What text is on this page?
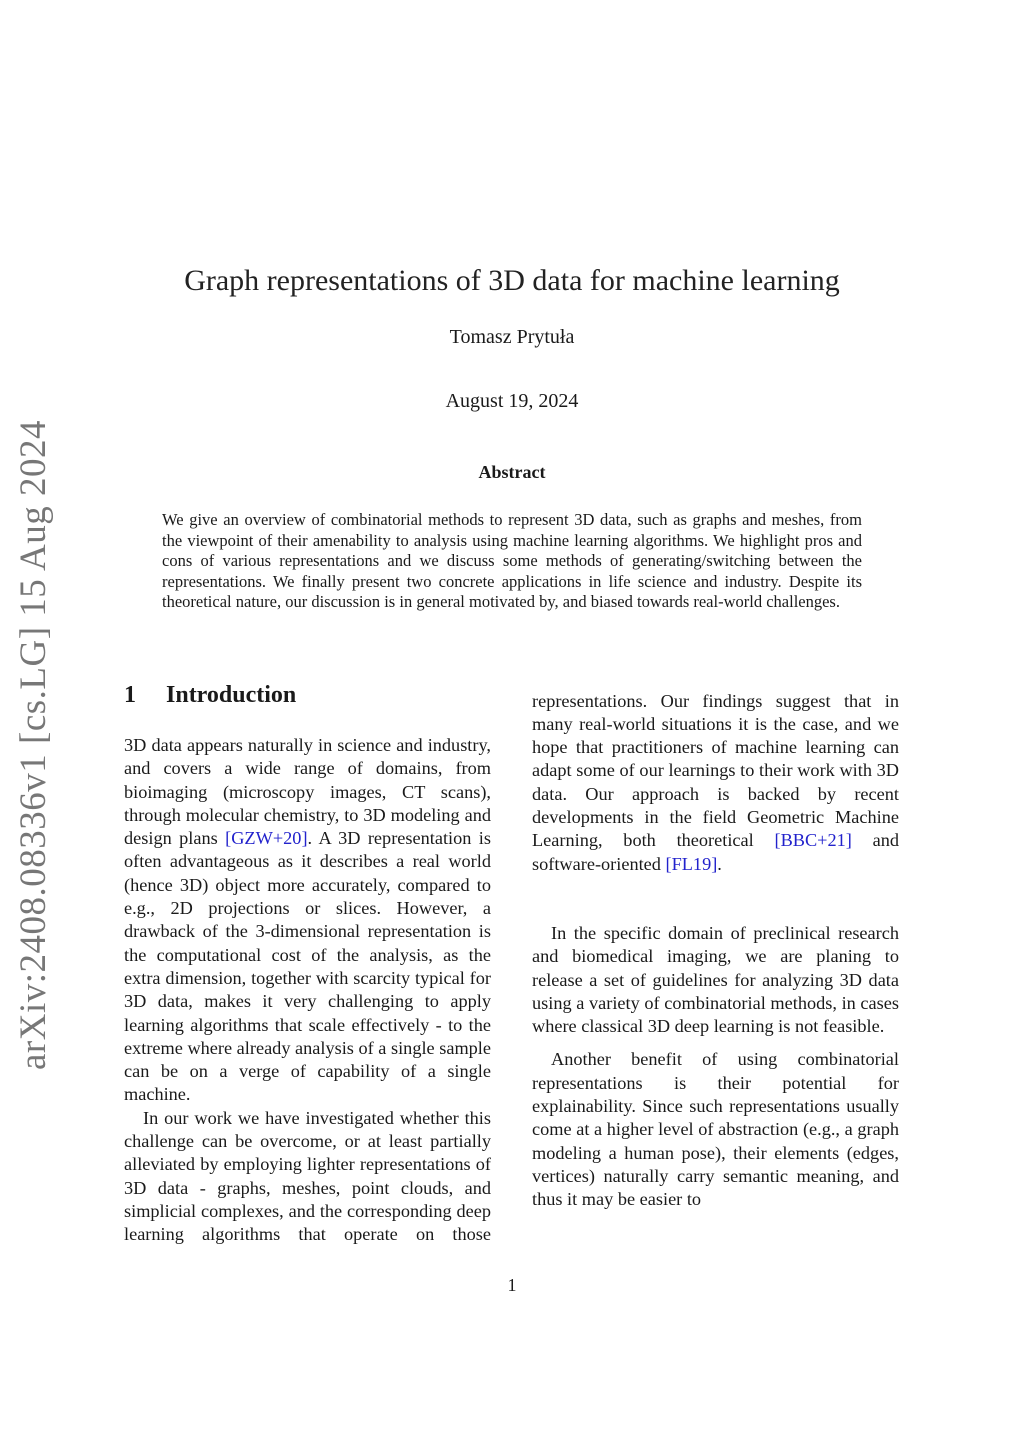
arXiv:2408.08336v1 [cs.LG] 15 Aug 2024
Graph representations of 3D data for machine learning
Tomasz Prytuła
August 19, 2024
Abstract

We give an overview of combinatorial methods to represent 3D data, such as graphs and meshes, from the viewpoint of their amenability to analysis using machine learning algorithms. We highlight pros and cons of various representations and we discuss some methods of generating/switching between the representations. We finally present two concrete applications in life science and industry. Despite its theoretical nature, our discussion is in general motivated by, and biased towards real-world challenges.

1 Introduction

3D data appears naturally in science and industry, and covers a wide range of domains, from bioimaging (microscopy images, CT scans), through molecular chemistry, to 3D modeling and design plans [GZW+20]. A 3D representation is often advantageous as it describes a real world (hence 3D) object more accurately, compared to e.g., 2D projections or slices. However, a drawback of the 3-dimensional representation is the computational cost of the analysis, as the extra dimension, together with scarcity typical for 3D data, makes it very challenging to apply learning algorithms that scale effectively - to the extreme where already analysis of a single sample can be on a verge of capability of a single machine.

In our work we have investigated whether this challenge can be overcome, or at least partially alleviated by employing lighter representations of 3D data - graphs, meshes, point clouds, and simplicial complexes, and the corresponding deep learning algorithms that operate on those

In the specific domain of preclinical research and biomedical imaging, we are planing to release a set of guidelines for analyzing 3D data using a variety of combinatorial methods, in cases where classical 3D deep learning is not feasible.

Another benefit of using combinatorial representations is their potential for explainability. Since such representations usually come at a higher level of abstraction (e.g., a graph modeling a human pose), their elements (edges, vertices) naturally carry semantic meaning, and thus it may be easier to

representations. Our findings suggest that in many real-world situations it is the case, and we hope that practitioners of machine learning can adapt some of our learnings to their work with 3D data. Our approach is backed by recent developments in the field Geometric Machine Learning, both theoretical [BBC+21] and software-oriented [FL19].

1
